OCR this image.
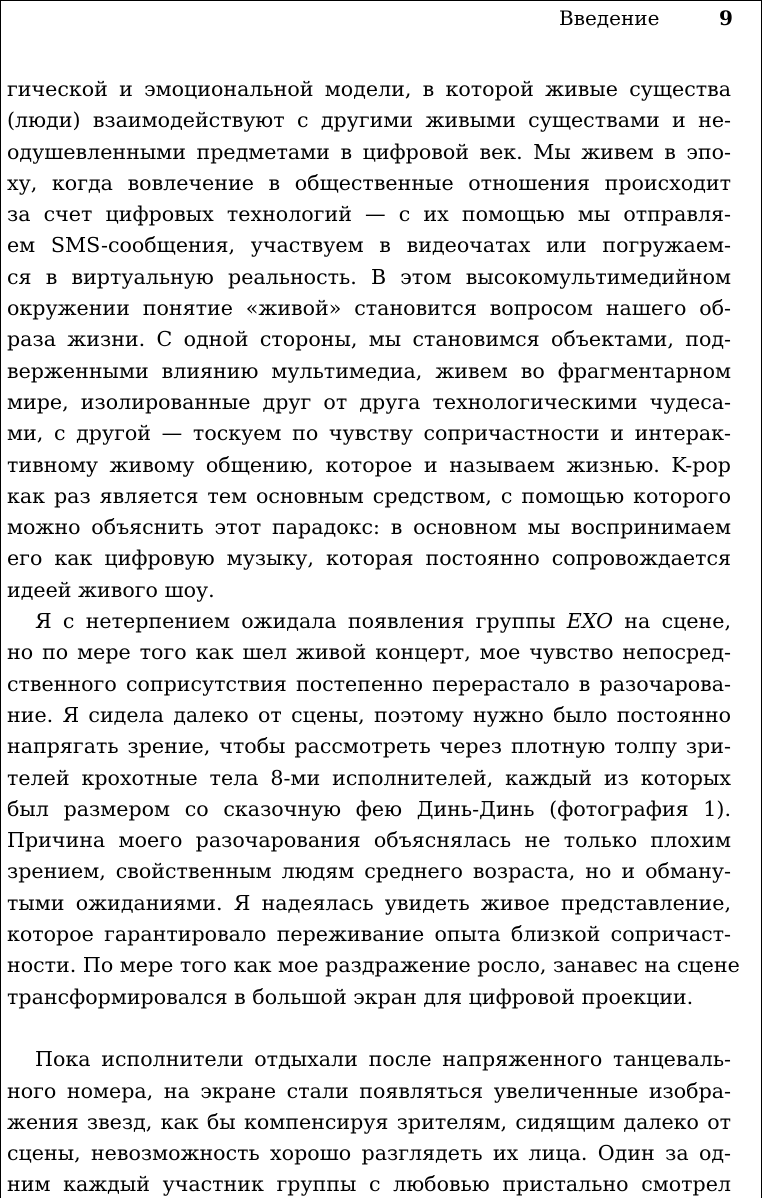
Введение	9

гической и эмоциональной модели, в которой живые существа
(люди) взаимодействуют с другими живыми существами и не-
одушевленными предметами в цифровой век. Мы живем в эпо-
ху, когда вовлечение в общественные отношения происходит
за счет цифровых технологий — с их помощью мы отправля-
ем SMS-сообщения, участвуем в видеочатах или погружаем-
ся в виртуальную реальность. В этом высокомультимедийном
окружении понятие «живой» становится вопросом нашего об-
раза жизни. С одной стороны, мы становимся объектами, под-
верженными влиянию мультимедиа, живем во фрагментарном
мире, изолированные друг от друга технологическими чудеса-
ми, с другой — тоскуем по чувству сопричастности и интерак-
тивному живому общению, которое и называем жизнью. K-pop
как раз является тем основным средством, с помощью которого
можно объяснить этот парадокс: в основном мы воспринимаем
его как цифровую музыку, которая постоянно сопровождается
идеей живого шоу.

Я с нетерпением ожидала появления группы EXO на сцене,
но по мере того как шел живой концерт, мое чувство непосред-
ственного соприсутствия постепенно перерастало в разочарова-
ние. Я сидела далеко от сцены, поэтому нужно было постоянно
напрягать зрение, чтобы рассмотреть через плотную толпу зри-
телей крохотные тела 8-ми исполнителей, каждый из которых
был размером со сказочную фею Динь-Динь (фотография 1).
Причина моего разочарования объяснялась не только плохим
зрением, свойственным людям среднего возраста, но и обману-
тыми ожиданиями. Я надеялась увидеть живое представление,
которое гарантировало переживание опыта близкой сопричаст-
ности. По мере того как мое раздражение росло, занавес на сцене
трансформировался в большой экран для цифровой проекции.

Пока исполнители отдыхали после напряженного танцеваль-
ного номера, на экране стали появляться увеличенные изобра-
жения звезд, как бы компенсируя зрителям, сидящим далеко от
сцены, невозможность хорошо разглядеть их лица. Один за од-
ним каждый участник группы с любовью пристально смотрел
